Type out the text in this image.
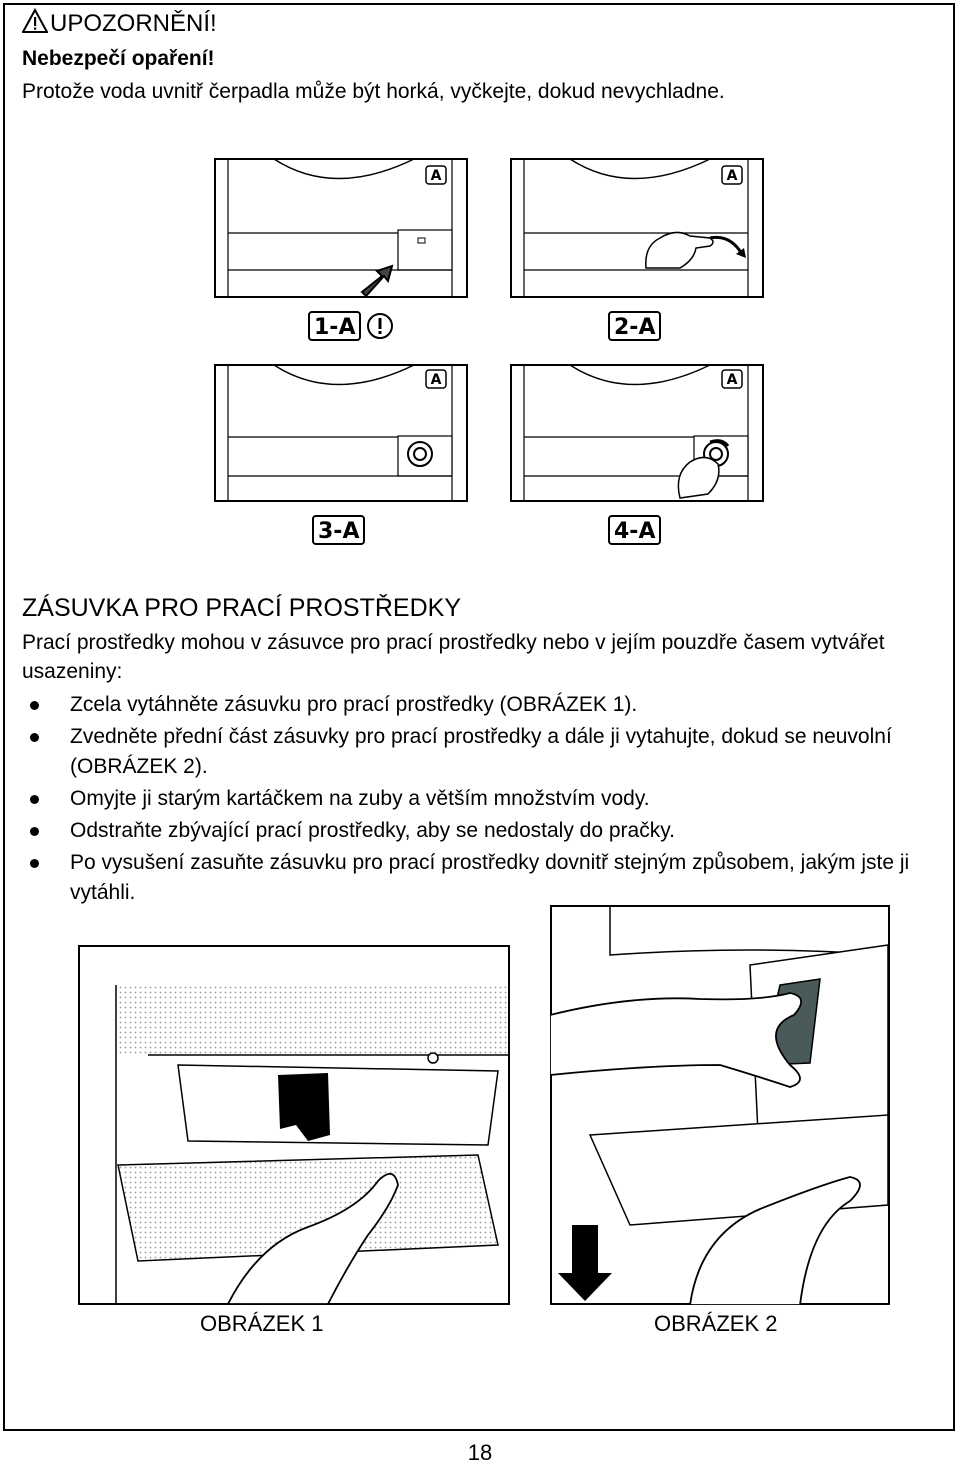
UPOZORNĚNÍ!
Nebezpečí opaření!
Protože voda uvnitř čerpadla může být horká, vyčkejte, dokud nevychladne.
A	A
1-A	2-A
A	A
3-A	4-A
ZÁSUVKA PRO PRACÍ PROSTŘEDKY
Prací prostředky mohou v zásuvce pro prací prostředky nebo v jejím pouzdře časem vytvářet usazeniny:
Zcela vytáhněte zásuvku pro prací prostředky (OBRÁZEK 1).
Zvedněte přední část zásuvky pro prací prostředky a dále ji vytahujte, dokud se neuvolní (OBRÁZEK 2).
Omyjte ji starým kartáčkem na zuby a větším množstvím vody.
Odstraňte zbývající prací prostředky, aby se nedostaly do pračky.
Po vysušení zasuňte zásuvku pro prací prostředky dovnitř stejným způsobem, jakým jste ji vytáhli.
OBRÁZEK 1	OBRÁZEK 2
18
